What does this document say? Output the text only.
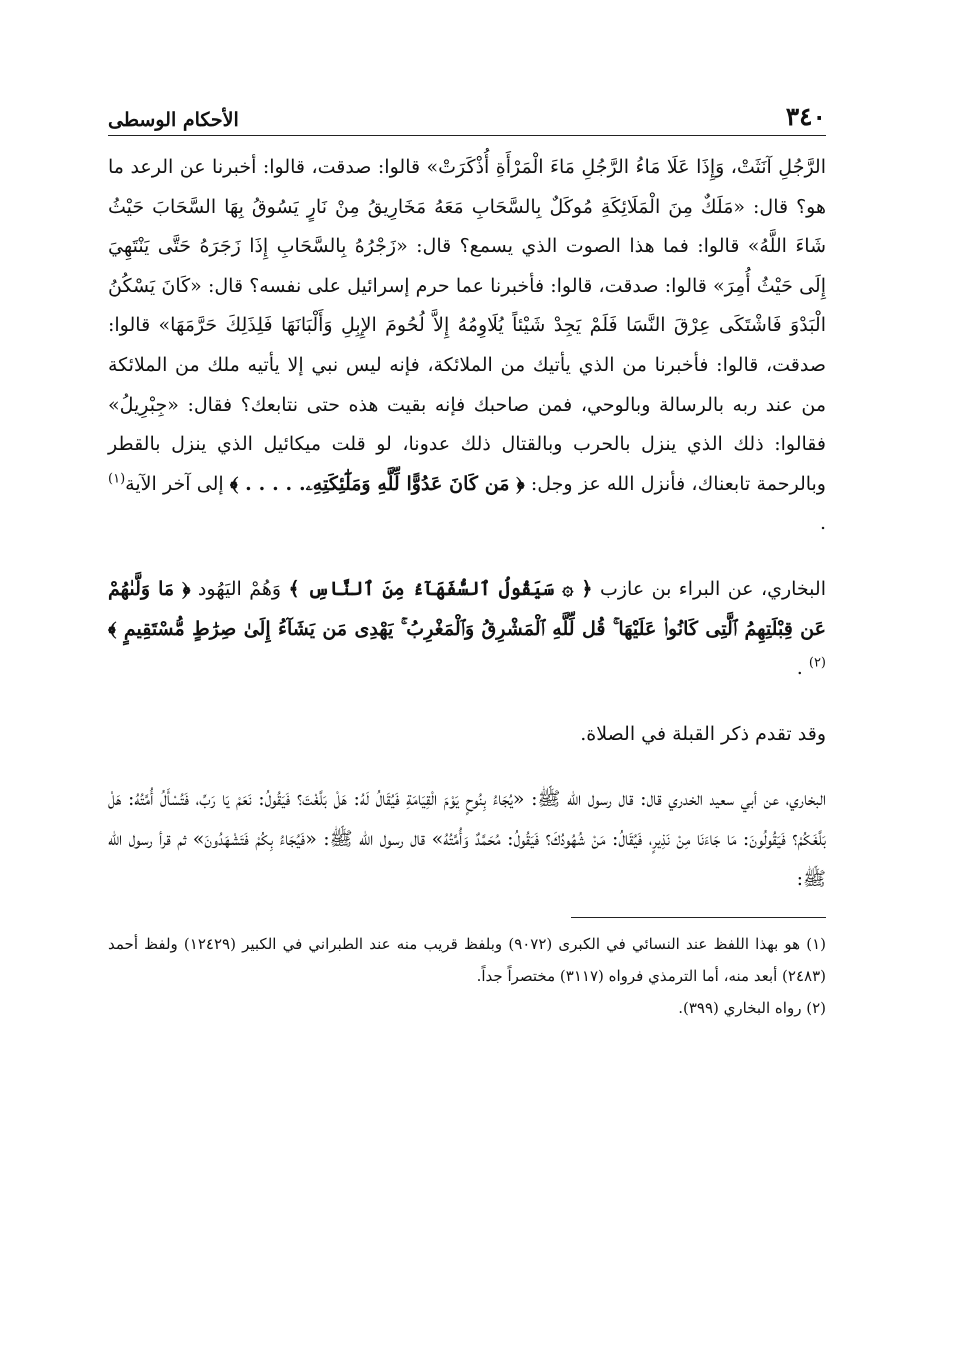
٣٤٠
الأحكام الوسطى

الرَّجُلِ آنَثَتْ، وَإِذَا عَلَا مَاءُ الرَّجُلِ مَاءَ الْمَرْأَةِ أُذْكَرَتْ» قالوا: صدقت، قالوا: أخبرنا عن الرعد ما هو؟ قال: «مَلَكٌ مِنَ الْمَلَائِكَةِ مُوكَلٌ بِالسَّحَابِ مَعَهُ مَخَارِيقُ مِنْ نَارٍ يَسُوقُ بِهَا السَّحَابَ حَيْثُ شَاءَ اللَّهُ» قالوا: فما هذا الصوت الذي يسمع؟ قال: «زَجْرُهُ بِالسَّحَابِ إِذَا زَجَرَهُ حَتَّى يَنْتَهِيَ إِلَى حَيْثُ أُمِرَ» قالوا: صدقت، قالوا: فأخبرنا عما حرم إسرائيل على نفسه؟ قال: «كَانَ يَسْكُنُ الْبَدْوَ فَاشْتَكَى عِرْقَ النَّسَا فَلَمْ يَجِدْ شَيْئاً يُلَاوِمُهُ إِلاَّ لُحُومَ الإِبِلِ وَأَلْبَانَهَا فَلِذَلِكَ حَرَّمَهَا» قالوا: صدقت، قالوا: فأخبرنا من الذي يأتيك من الملائكة، فإنه ليس نبي إلا يأتيه ملك من الملائكة من عند ربه بالرسالة وبالوحي، فمن صاحبك فإنه بقيت هذه حتى نتابعك؟ فقال: «جِبْرِيلُ» فقالوا: ذلك الذي ينزل بالحرب وبالقتال ذلك عدونا، لو قلت ميكائيل الذي ينزل بالقطر وبالرحمة تابعناك، فأنزل الله عز وجل: ﴿ مَن كَانَ عَدُوًّا لِّلَّهِ وَمَلَٰٓئِكَتِهِۦ. . . . . ﴾ إلى آخر الآية$^{(١)}$ .

البخاري، عن البراء بن عازب ﴿ ۞ سَيَقُولُ ٱلسُّفَهَآءُ مِنَ ٱلنَّاسِ ﴾ وَهُمْ اليَهُود ﴿ مَا وَلَّىٰهُمْ عَن قِبْلَتِهِمُ ٱلَّتِى كَانُوا۟ عَلَيْهَا ۚ قُل لِّلَّهِ ٱلْمَشْرِقُ وَٱلْمَغْرِبُ ۚ يَهْدِى مَن يَشَآءُ إِلَىٰ صِرَٰطٍ مُّسْتَقِيمٍ ﴾$^{(٢)}$ .

وقد تقدم ذكر القبلة في الصلاة.

البخاري، عن أبي سعيد الخدري قال: قال رسول الله ﷺ: «يُجَاءُ بِنُوحٍ يَوْمَ الْقِيَامَةِ فَيُقَالُ لَهُ: هَلْ بَلَّغْتَ؟ فَيَقُولُ: نَعَمْ يَا رَبِّ، فَتُسْأَلُ أُمَّتُهُ: هَلْ بَلَّغَكُمْ؟ فَيَقُولُونَ: مَا جَاءَنَا مِنْ نَذِيرٍ، فَيُقَالُ: مَنْ شُهُودُكَ؟ فَيَقُولُ: مُحَمَّدٌ وَأُمَّتُهُ» قال رسول الله ﷺ: «فَيُجَاءُ بِكُمْ فَتَشْهَدُونَ» ثم قرأ رسول الله ﷺ:

(١) هو بهذا اللفظ عند النسائي في الكبرى (٩٠٧٢) وبلفظ قريب منه عند الطبراني في الكبير (١٢٤٢٩) ولفظ أحمد (٢٤٨٣) أبعد منه، أما الترمذي فرواه (٣١١٧) مختصراً جداً.

(٢) رواه البخاري (٣٩٩).
